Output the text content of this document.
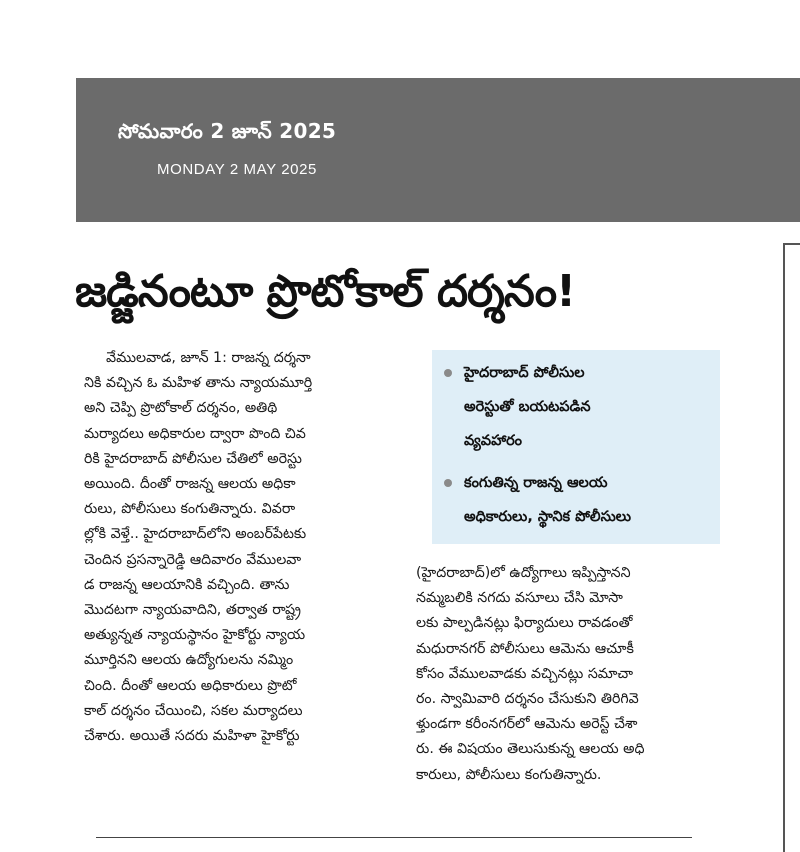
సోమవారం 2 జూన్ 2025
MONDAY 2 MAY 2025
జడ్జినంటూ ప్రొటోకాల్ దర్శనం!

వేములవాడ, జూన్ 1: రాజన్న దర్శనా

నికి వచ్చిన ఓ మహిళ తాను న్యాయమూర్తి

అని చెప్పి ప్రొటోకాల్ దర్శనం, అతిథి

మర్యాదలు అధికారుల ద్వారా పొంది చివ

రికి హైదరాబాద్ పోలీసుల చేతిలో అరెస్టు

అయింది. దీంతో రాజన్న ఆలయ అధికా

రులు, పోలీసులు కంగుతిన్నారు. వివరా

ల్లోకి వెళ్తే.. హైదరాబాద్‌లోని అంబర్‌పేటకు

చెందిన ప్రసన్నారెడ్డి ఆదివారం వేములవా

డ రాజన్న ఆలయానికి వచ్చింది. తాను

మొదటగా న్యాయవాదిని, తర్వాత రాష్ట్ర

అత్యున్నత న్యాయస్థానం హైకోర్టు న్యాయ

మూర్తినని ఆలయ ఉద్యోగులను నమ్మిం

చింది. దీంతో ఆలయ అధికారులు ప్రొటో

కాల్ దర్శనం చేయించి, సకల మర్యాదలు

చేశారు. అయితే సదరు మహిళా హైకోర్టు

హైదరాబాద్ పోలీసుల
అరెస్టుతో బయటపడిన
వ్యవహారం
కంగుతిన్న రాజన్న ఆలయ
అధికారులు, స్థానిక పోలీసులు

(హైదరాబాద్)లో ఉద్యోగాలు ఇప్పిస్తానని

నమ్మబలికి నగదు వసూలు చేసి మోసా

లకు పాల్పడినట్లు ఫిర్యాదులు రావడంతో

మధురానగర్ పోలీసులు ఆమెను ఆచూకీ

కోసం వేములవాడకు వచ్చినట్లు సమాచా

రం. స్వామివారి దర్శనం చేసుకుని తిరిగివె

ళ్తుండగా కరీంనగర్‌లో ఆమెను అరెస్ట్ చేశా

రు. ఈ విషయం తెలుసుకున్న ఆలయ అధి

కారులు, పోలీసులు కంగుతిన్నారు.
